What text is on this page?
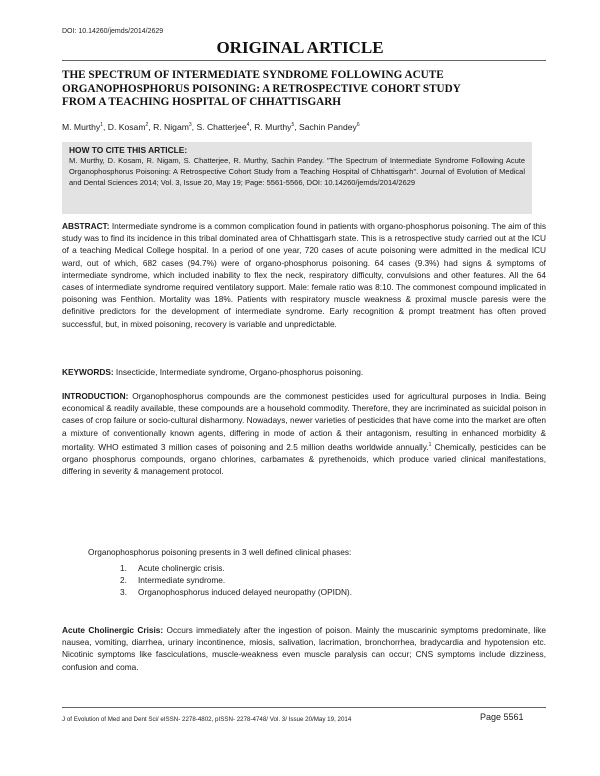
DOI: 10.14260/jemds/2014/2629
ORIGINAL ARTICLE
THE SPECTRUM OF INTERMEDIATE SYNDROME FOLLOWING ACUTE
ORGANOPHOSPHORUS POISONING: A RETROSPECTIVE COHORT STUDY
FROM A TEACHING HOSPITAL OF CHHATTISGARH
M. Murthy$^1$, D. Kosam$^2$, R. Nigam$^3$, S. Chatterjee$^4$, R. Murthy$^5$, Sachin Pandey$^6$

HOW TO CITE THIS ARTICLE:

M. Murthy, D. Kosam, R. Nigam, S. Chatterjee, R. Murthy, Sachin Pandey. "The Spectrum of Intermediate Syndrome Following Acute Organophosphorus Poisoning: A Retrospective Cohort Study from a Teaching Hospital of Chhattisgarh". Journal of Evolution of Medical and Dental Sciences 2014; Vol. 3, Issue 20, May 19; Page: 5561-5566, DOI: 10.14260/jemds/2014/2629

ABSTRACT: Intermediate syndrome is a common complication found in patients with organo-phosphorus poisoning. The aim of this study was to find its incidence in this tribal dominated area of Chhattisgarh state. This is a retrospective study carried out at the ICU of a teaching Medical College hospital. In a period of one year, 720 cases of acute poisoning were admitted in the medical ICU ward, out of which, 682 cases (94.7%) were of organo-phosphorus poisoning. 64 cases (9.3%) had signs & symptoms of intermediate syndrome, which included inability to flex the neck, respiratory difficulty, convulsions and other features. All the 64 cases of intermediate syndrome required ventilatory support. Male: female ratio was 8:10. The commonest compound implicated in poisoning was Fenthion. Mortality was 18%. Patients with respiratory muscle weakness & proximal muscle paresis were the definitive predictors for the development of intermediate syndrome. Early recognition & prompt treatment has often proved successful, but, in mixed poisoning, recovery is variable and unpredictable.

KEYWORDS: Insecticide, Intermediate syndrome, Organo-phosphorus poisoning.

INTRODUCTION: Organophosphorus compounds are the commonest pesticides used for agricultural purposes in India. Being economical & readily available, these compounds are a household commodity. Therefore, they are incriminated as suicidal poison in cases of crop failure or socio-cultural disharmony. Nowadays, newer varieties of pesticides that have come into the market are often a mixture of conventionally known agents, differing in mode of action & their antagonism, resulting in enhanced morbidity & mortality. WHO estimated 3 million cases of poisoning and 2.5 million deaths worldwide annually.$^1$ Chemically, pesticides can be organo phosphorus compounds, organo chlorines, carbamates & pyrethenoids, which produce varied clinical manifestations, differing in severity & management protocol.

Organophosphorus poisoning presents in 3 well defined clinical phases:

1. Acute cholinergic crisis.
2. Intermediate syndrome.
3. Organophosphorus induced delayed neuropathy (OPIDN).

Acute Cholinergic Crisis: Occurs immediately after the ingestion of poison. Mainly the muscarinic symptoms predominate, like nausea, vomiting, diarrhea, urinary incontinence, miosis, salivation, lacrimation, bronchorrhea, bradycardia and hypotension etc. Nicotinic symptoms like fasciculations, muscle-weakness even muscle paralysis can occur; CNS symptoms include dizziness, confusion and coma.

J of Evolution of Med and Dent Sci/ eISSN- 2278-4802, pISSN- 2278-4748/ Vol. 3/ Issue 20/May 19, 2014	Page 5561
